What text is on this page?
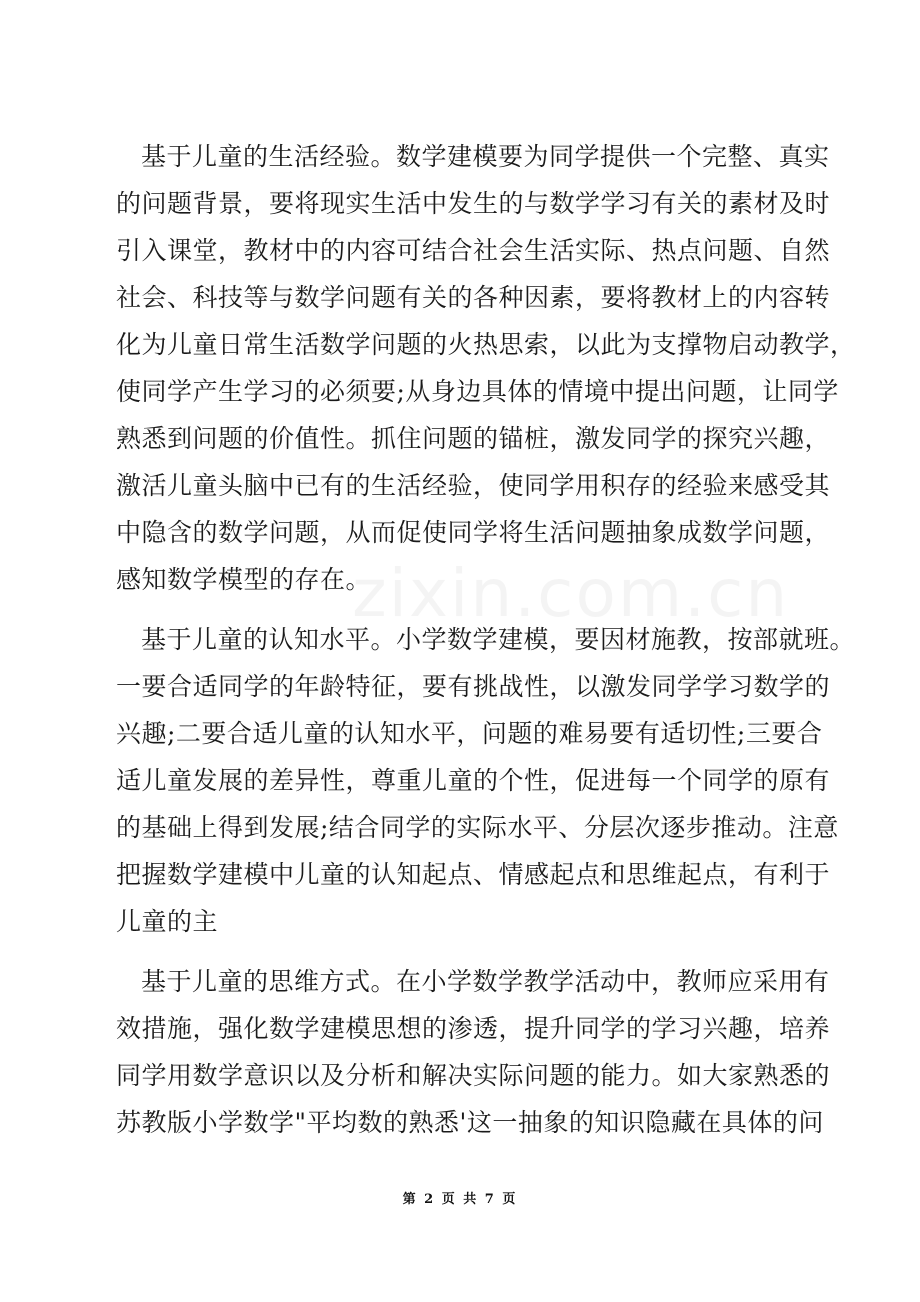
基于儿童的生活经验。数学建模要为同学提供一个完整、真实
的问题背景，要将现实生活中发生的与数学学习有关的素材及时
引入课堂，教材中的内容可结合社会生活实际、热点问题、自然
社会、科技等与数学问题有关的各种因素，要将教材上的内容转
化为儿童日常生活数学问题的火热思索，以此为支撑物启动教学，
使同学产生学习的必须要;从身边具体的情境中提出问题，让同学
熟悉到问题的价值性。抓住问题的锚桩，激发同学的探究兴趣，
激活儿童头脑中已有的生活经验，使同学用积存的经验来感受其
中隐含的数学问题，从而促使同学将生活问题抽象成数学问题，
感知数学模型的存在。
基于儿童的认知水平。小学数学建模，要因材施教，按部就班。
一要合适同学的年龄特征，要有挑战性，以激发同学学习数学的
兴趣;二要合适儿童的认知水平，问题的难易要有适切性;三要合
适儿童发展的差异性，尊重儿童的个性，促进每一个同学的原有
的基础上得到发展;结合同学的实际水平、分层次逐步推动。注意
把握数学建模中儿童的认知起点、情感起点和思维起点，有利于
儿童的主
基于儿童的思维方式。在小学数学教学活动中，教师应采用有
效措施，强化数学建模思想的渗透，提升同学的学习兴趣，培养
同学用数学意识以及分析和解决实际问题的能力。如大家熟悉的
苏教版小学数学"平均数的熟悉'这一抽象的知识隐藏在具体的问
第 2 页 共 7 页
